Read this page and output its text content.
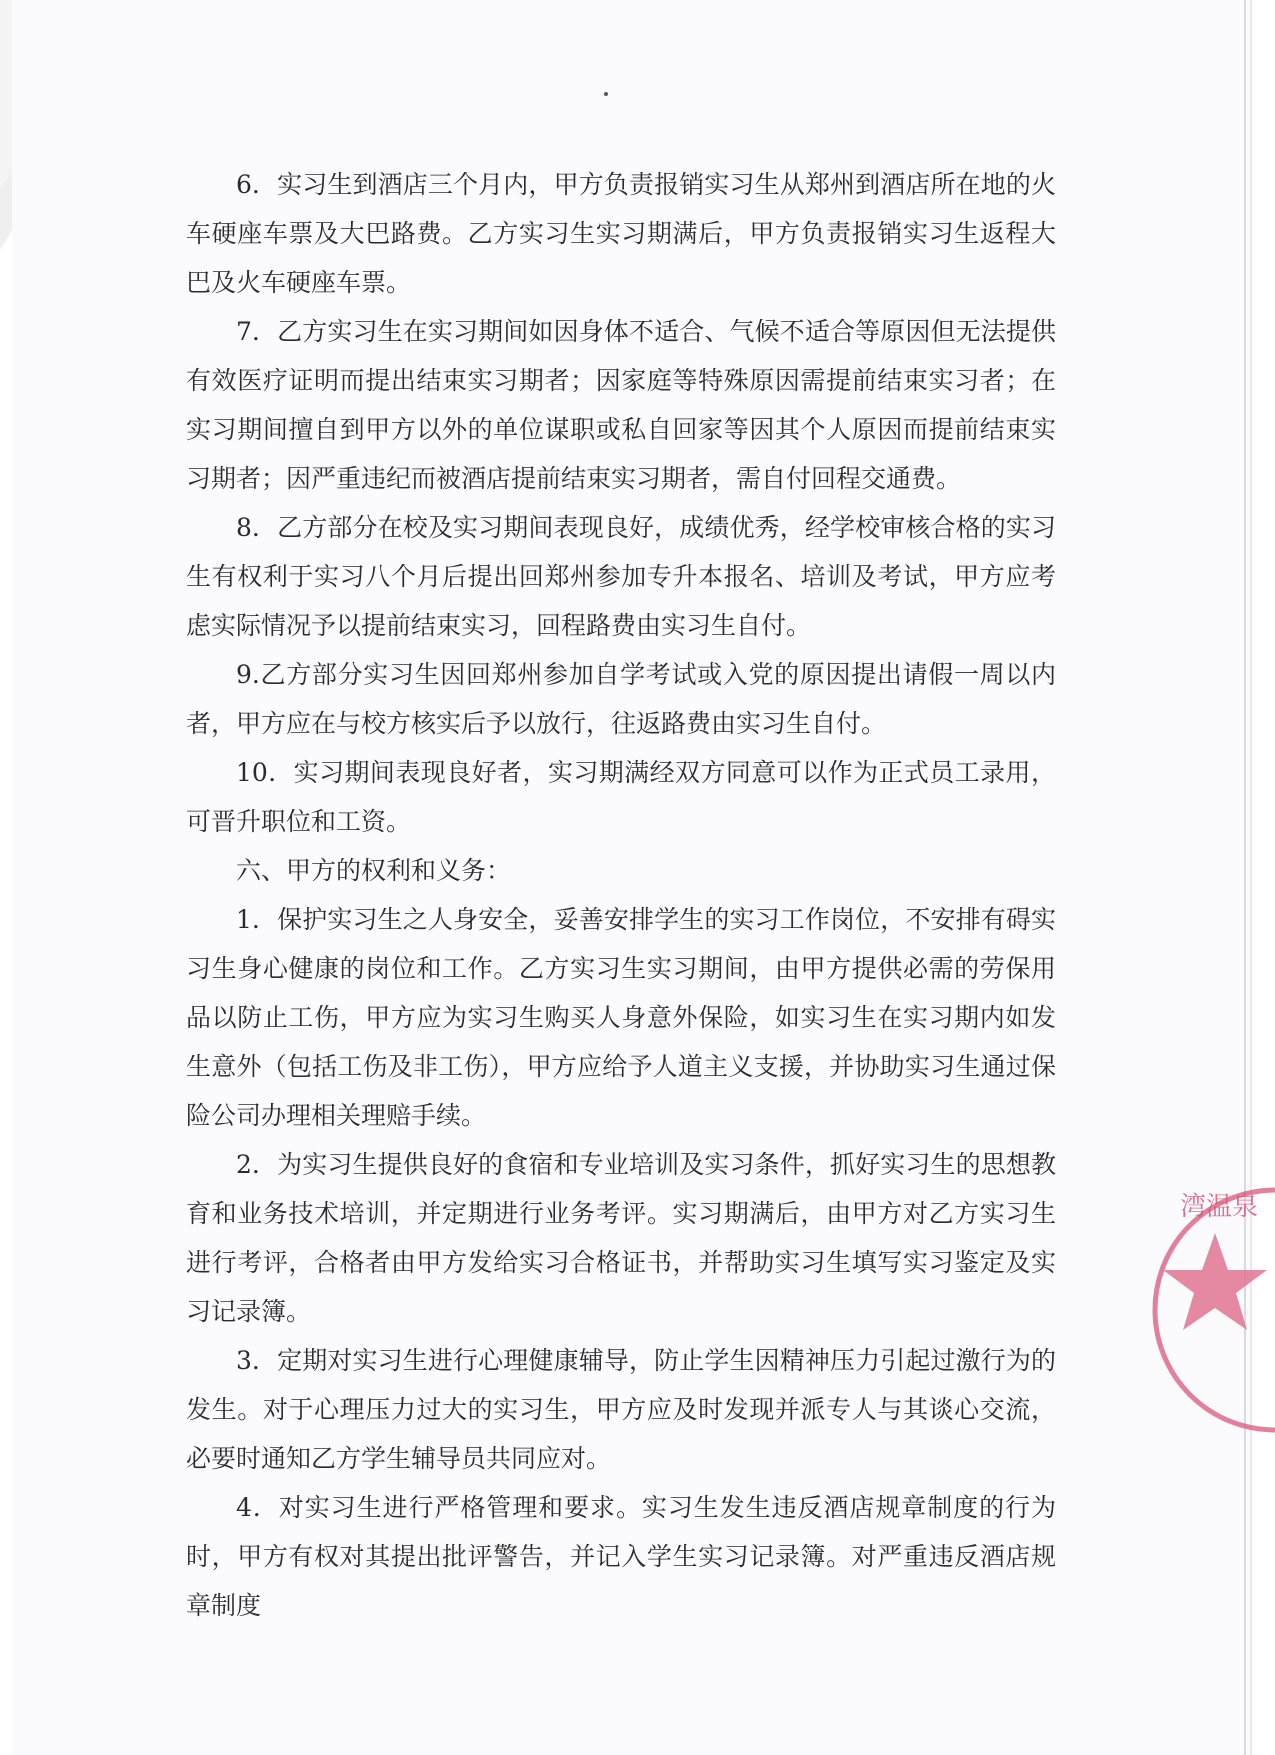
6．实习生到酒店三个月内，甲方负责报销实习生从郑州到酒店所在地的火车硬座车票及大巴路费。乙方实习生实习期满后，甲方负责报销实习生返程大巴及火车硬座车票。

7．乙方实习生在实习期间如因身体不适合、气候不适合等原因但无法提供有效医疗证明而提出结束实习期者；因家庭等特殊原因需提前结束实习者；在实习期间擅自到甲方以外的单位谋职或私自回家等因其个人原因而提前结束实习期者；因严重违纪而被酒店提前结束实习期者，需自付回程交通费。

8．乙方部分在校及实习期间表现良好，成绩优秀，经学校审核合格的实习生有权利于实习八个月后提出回郑州参加专升本报名、培训及考试，甲方应考虑实际情况予以提前结束实习，回程路费由实习生自付。

9.乙方部分实习生因回郑州参加自学考试或入党的原因提出请假一周以内者，甲方应在与校方核实后予以放行，往返路费由实习生自付。

10．实习期间表现良好者，实习期满经双方同意可以作为正式员工录用，可晋升职位和工资。

六、甲方的权利和义务：

1．保护实习生之人身安全，妥善安排学生的实习工作岗位，不安排有碍实习生身心健康的岗位和工作。乙方实习生实习期间，由甲方提供必需的劳保用品以防止工伤，甲方应为实习生购买人身意外保险，如实习生在实习期内如发生意外（包括工伤及非工伤），甲方应给予人道主义支援，并协助实习生通过保险公司办理相关理赔手续。

2．为实习生提供良好的食宿和专业培训及实习条件，抓好实习生的思想教育和业务技术培训，并定期进行业务考评。实习期满后，由甲方对乙方实习生进行考评，合格者由甲方发给实习合格证书，并帮助实习生填写实习鉴定及实习记录簿。

3．定期对实习生进行心理健康辅导，防止学生因精神压力引起过激行为的发生。对于心理压力过大的实习生，甲方应及时发现并派专人与其谈心交流，必要时通知乙方学生辅导员共同应对。

4．对实习生进行严格管理和要求。实习生发生违反酒店规章制度的行为时，甲方有权对其提出批评警告，并记入学生实习记录簿。对严重违反酒店规章制度

湾温泉
